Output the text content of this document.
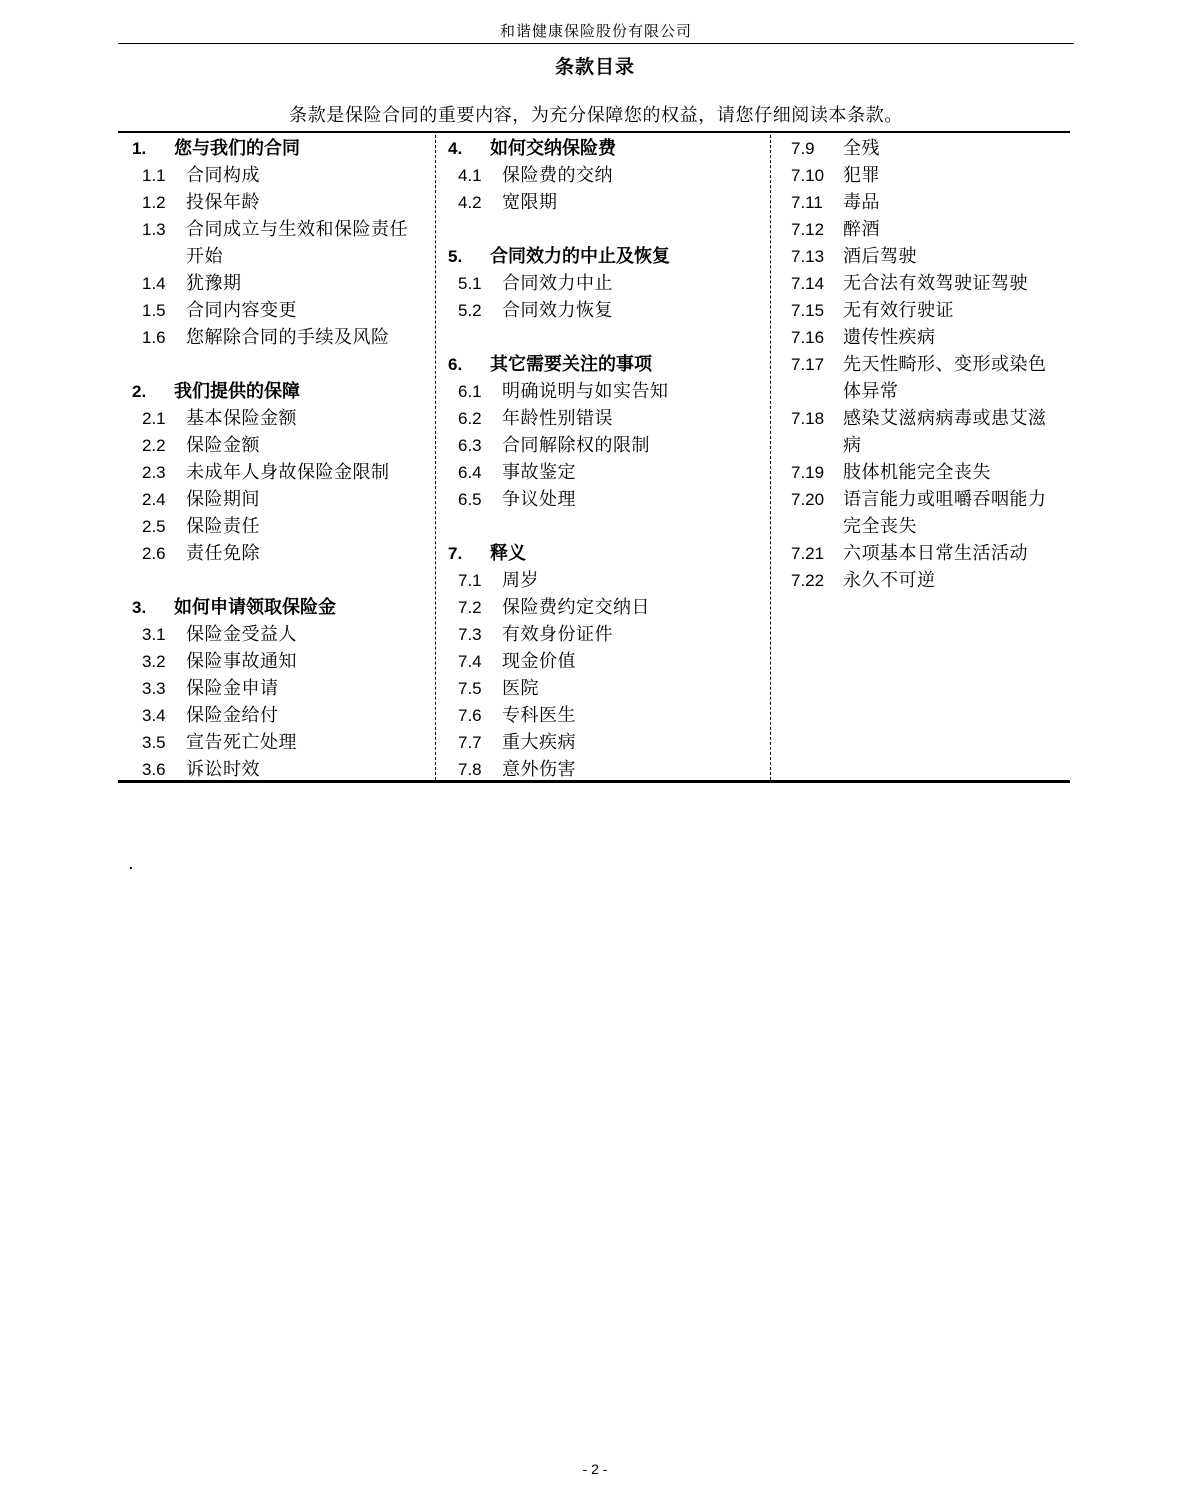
和谐健康保险股份有限公司
条款目录
条款是保险合同的重要内容，为充分保障您的权益，请您仔细阅读本条款。
1.	您与我们的合同
1.1	合同构成
1.2	投保年龄
1.3	合同成立与生效和保险责任开始
1.4	犹豫期
1.5	合同内容变更
1.6	您解除合同的手续及风险
2.	我们提供的保障
2.1	基本保险金额
2.2	保险金额
2.3	未成年人身故保险金限制
2.4	保险期间
2.5	保险责任
2.6	责任免除
3.	如何申请领取保险金
3.1	保险金受益人
3.2	保险事故通知
3.3	保险金申请
3.4	保险金给付
3.5	宣告死亡处理
3.6	诉讼时效
4.	如何交纳保险费
4.1	保险费的交纳
4.2	宽限期
5.	合同效力的中止及恢复
5.1	合同效力中止
5.2	合同效力恢复
6.	其它需要关注的事项
6.1	明确说明与如实告知
6.2	年龄性别错误
6.3	合同解除权的限制
6.4	事故鉴定
6.5	争议处理
7.	释义
7.1	周岁
7.2	保险费约定交纳日
7.3	有效身份证件
7.4	现金价值
7.5	医院
7.6	专科医生
7.7	重大疾病
7.8	意外伤害
7.9	全残
7.10	犯罪
7.11	毒品
7.12	醉酒
7.13	酒后驾驶
7.14	无合法有效驾驶证驾驶
7.15	无有效行驶证
7.16	遗传性疾病
7.17	先天性畸形、变形或染色体异常
7.18	感染艾滋病病毒或患艾滋病
7.19	肢体机能完全丧失
7.20	语言能力或咀嚼吞咽能力完全丧失
7.21	六项基本日常生活活动
7.22	永久不可逆
.
- 2 -
